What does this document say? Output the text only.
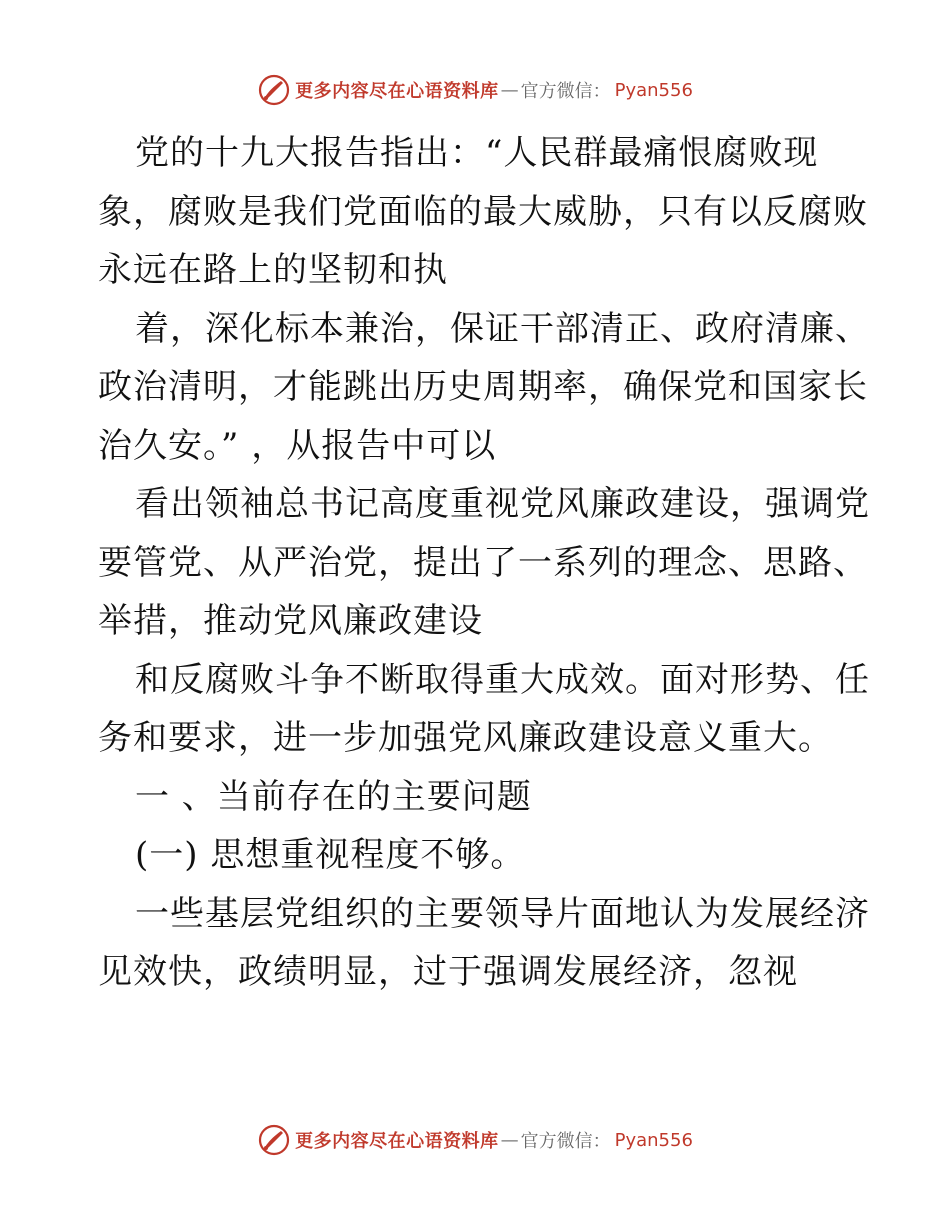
更多内容尽在心语资料库 — 官方微信： Pyan556
党的十九大报告指出：“人民群最痛恨腐败现
象，腐败是我们党面临的最大威胁，只有以反腐败
永远在路上的坚韧和执
着，深化标本兼治，保证干部清正、政府清廉、
政治清明，才能跳出历史周期率，确保党和国家长
治久安。” ，从报告中可以
看出领袖总书记高度重视党风廉政建设，强调党
要管党、从严治党，提出了一系列的理念、思路、
举措，推动党风廉政建设
和反腐败斗争不断取得重大成效。面对形势、任
务和要求，进一步加强党风廉政建设意义重大。
一 、当前存在的主要问题
(一) 思想重视程度不够。
一些基层党组织的主要领导片面地认为发展经济
见效快，政绩明显，过于强调发展经济，忽视
更多内容尽在心语资料库 — 官方微信： Pyan556
